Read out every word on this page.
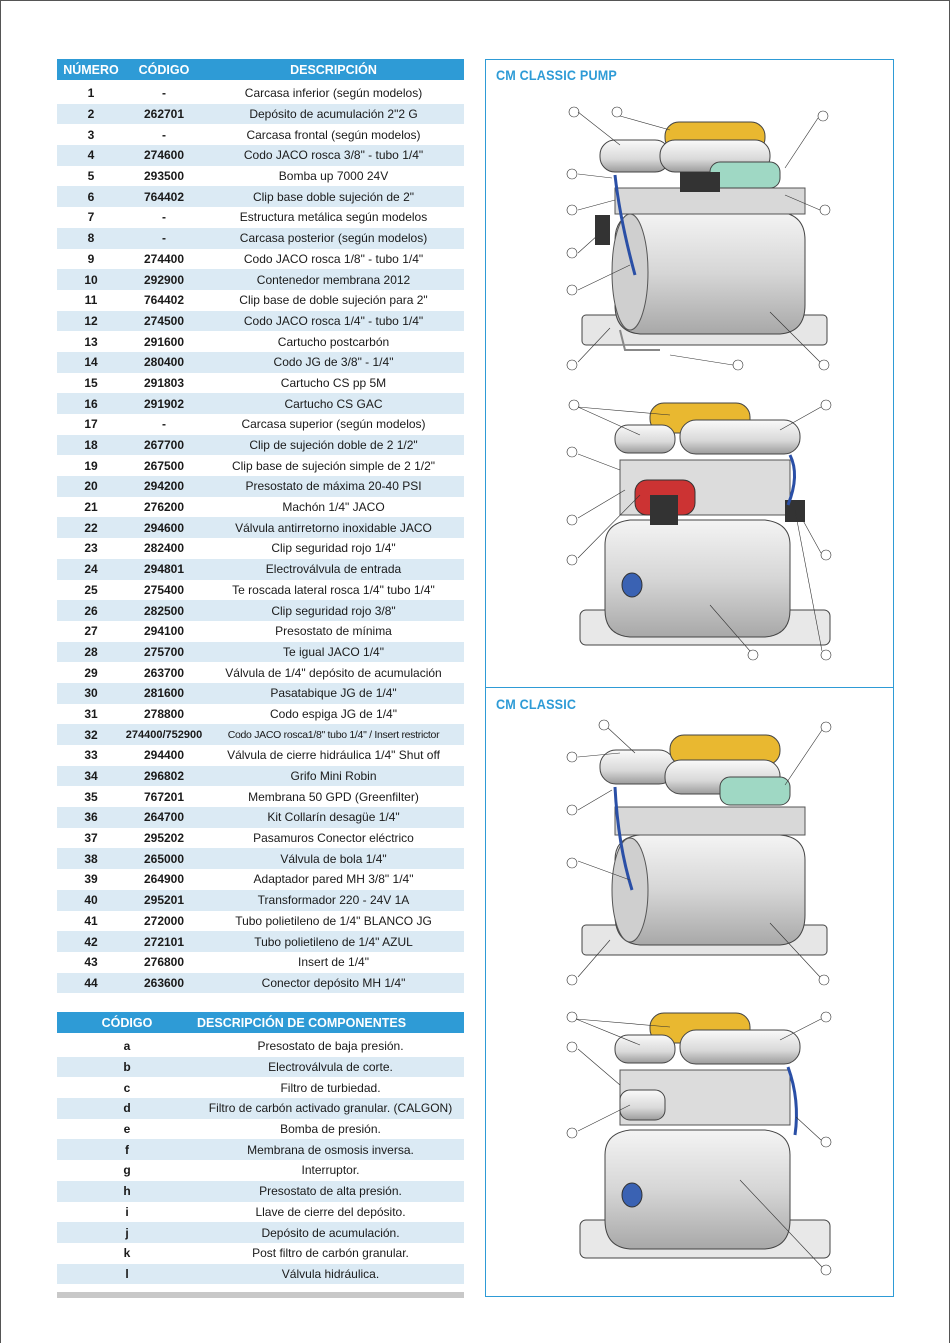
NÚMERO	CÓDIGO	DESCRIPCIÓN
1	-	Carcasa inferior (según modelos)
2	262701	Depósito de acumulación 2"2 G
3	-	Carcasa frontal (según modelos)
4	274600	Codo JACO rosca 3/8" - tubo 1/4"
5	293500	Bomba up 7000 24V
6	764402	Clip base doble sujeción de 2"
7	-	Estructura metálica según modelos
8	-	Carcasa posterior (según modelos)
9	274400	Codo JACO rosca 1/8" - tubo 1/4"
10	292900	Contenedor membrana 2012
11	764402	Clip base de doble sujeción para 2"
12	274500	Codo JACO rosca 1/4" - tubo 1/4"
13	291600	Cartucho postcarbón
14	280400	Codo JG de 3/8" - 1/4"
15	291803	Cartucho CS pp 5M
16	291902	Cartucho CS GAC
17	-	Carcasa superior (según modelos)
18	267700	Clip de sujeción doble de 2 1/2"
19	267500	Clip base de sujeción simple de 2 1/2"
20	294200	Presostato de máxima 20-40 PSI
21	276200	Machón 1/4" JACO
22	294600	Válvula antirretorno inoxidable JACO
23	282400	Clip seguridad rojo 1/4"
24	294801	Electroválvula de entrada
25	275400	Te roscada lateral rosca 1/4" tubo 1/4"
26	282500	Clip seguridad rojo 3/8"
27	294100	Presostato de mínima
28	275700	Te igual JACO 1/4"
29	263700	Válvula de 1/4" depósito de acumulación
30	281600	Pasatabique JG de 1/4"
31	278800	Codo espiga JG de 1/4"
32	274400/752900	Codo JACO rosca1/8" tubo 1/4" / Insert restrictor
33	294400	Válvula de cierre hidráulica 1/4" Shut off
34	296802	Grifo Mini Robin
35	767201	Membrana 50 GPD (Greenfilter)
36	264700	Kit Collarín desagüe 1/4"
37	295202	Pasamuros Conector eléctrico
38	265000	Válvula de bola 1/4"
39	264900	Adaptador pared MH 3/8" 1/4"
40	295201	Transformador 220 - 24V 1A
41	272000	Tubo polietileno de 1/4" BLANCO JG
42	272101	Tubo polietileno de 1/4" AZUL
43	276800	Insert de 1/4"
44	263600	Conector depósito MH 1/4"
CÓDIGO	DESCRIPCIÓN DE COMPONENTES
a	Presostato de baja presión.
b	Electroválvula de corte.
c	Filtro de turbiedad.
d	Filtro de carbón activado granular. (CALGON)
e	Bomba de presión.
f	Membrana de osmosis inversa.
g	Interruptor.
h	Presostato de alta presión.
i	Llave de cierre del depósito.
j	Depósito de acumulación.
k	Post filtro de carbón granular.
l	Válvula hidráulica.
CM CLASSIC PUMP
CM CLASSIC
